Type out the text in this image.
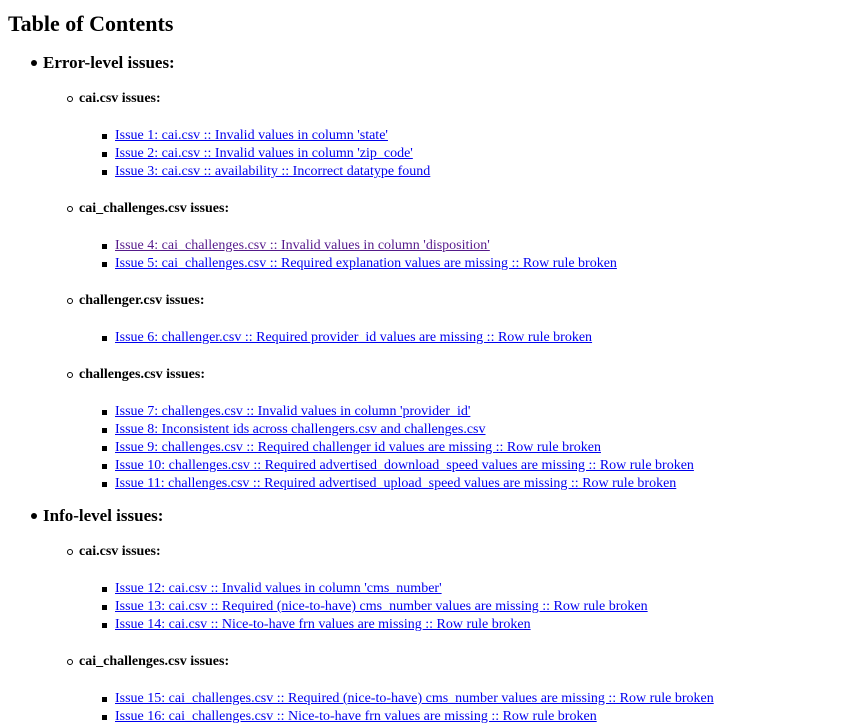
Table of Contents
Error-level issues:
cai.csv issues:
Issue 1: cai.csv :: Invalid values in column 'state'
Issue 2: cai.csv :: Invalid values in column 'zip_code'
Issue 3: cai.csv :: availability :: Incorrect datatype found
cai_challenges.csv issues:
Issue 4: cai_challenges.csv :: Invalid values in column 'disposition'
Issue 5: cai_challenges.csv :: Required explanation values are missing :: Row rule broken
challenger.csv issues:
Issue 6: challenger.csv :: Required provider_id values are missing :: Row rule broken
challenges.csv issues:
Issue 7: challenges.csv :: Invalid values in column 'provider_id'
Issue 8: Inconsistent ids across challengers.csv and challenges.csv
Issue 9: challenges.csv :: Required challenger id values are missing :: Row rule broken
Issue 10: challenges.csv :: Required advertised_download_speed values are missing :: Row rule broken
Issue 11: challenges.csv :: Required advertised_upload_speed values are missing :: Row rule broken
Info-level issues:
cai.csv issues:
Issue 12: cai.csv :: Invalid values in column 'cms_number'
Issue 13: cai.csv :: Required (nice-to-have) cms_number values are missing :: Row rule broken
Issue 14: cai.csv :: Nice-to-have frn values are missing :: Row rule broken
cai_challenges.csv issues:
Issue 15: cai_challenges.csv :: Required (nice-to-have) cms_number values are missing :: Row rule broken
Issue 16: cai_challenges.csv :: Nice-to-have frn values are missing :: Row rule broken
